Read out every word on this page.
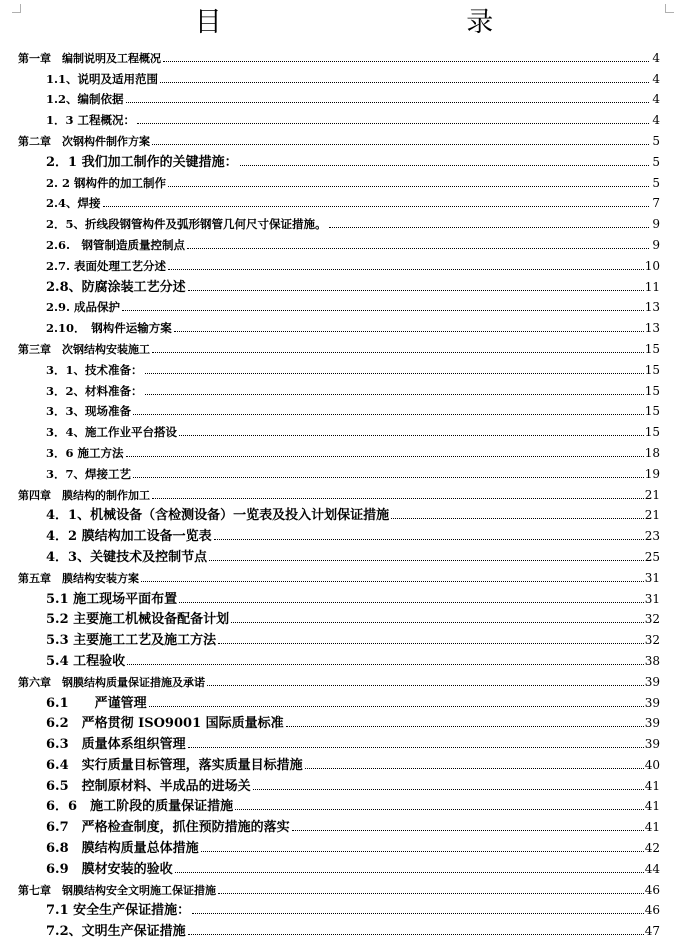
目 录
第一章　编制说明及工程概况	4
1.1、说明及适用范围	4
1.2、编制依据	4
1．3 工程概况：	4
第二章　次钢构件制作方案	5
2．1 我们加工制作的关键措施：	5
2. 2 钢构件的加工制作	5
2.4、焊接	7
2．5、折线段钢管构件及弧形钢管几何尺寸保证措施。	9
2.6.　钢管制造质量控制点	9
2.7. 表面处理工艺分述	10
2.8、防腐涂装工艺分述	11
2.9. 成品保护	13
2.10．　钢构件运输方案	13
第三章　次钢结构安装施工	15
3．1、技术准备：	15
3．2、材料准备：	15
3．3、现场准备	15
3．4、施工作业平台搭设	15
3．6 施工方法	18
3．7、焊接工艺	19
第四章　膜结构的制作加工	21
4．1、机械设备（含检测设备）一览表及投入计划保证措施	21
4．2 膜结构加工设备一览表	23
4．3、关键技术及控制节点	25
第五章　膜结构安装方案	31
5.1 施工现场平面布置	31
5.2 主要施工机械设备配备计划	32
5.3 主要施工工艺及施工方法	32
5.4 工程验收	38
第六章　钢膜结构质量保证措施及承诺	39
6.1　　严谨管理	39
6.2　严格贯彻 ISO9001 国际质量标准	39
6.3　质量体系组织管理	39
6.4　实行质量目标管理，落实质量目标措施	40
6.5　控制原材料、半成品的进场关	41
6．6　施工阶段的质量保证措施	41
6.7　严格检查制度，抓住预防措施的落实	41
6.8　膜结构质量总体措施	42
6.9　膜材安装的验收	44
第七章　钢膜结构安全文明施工保证措施	46
7.1 安全生产保证措施：	46
7.2、文明生产保证措施	47
